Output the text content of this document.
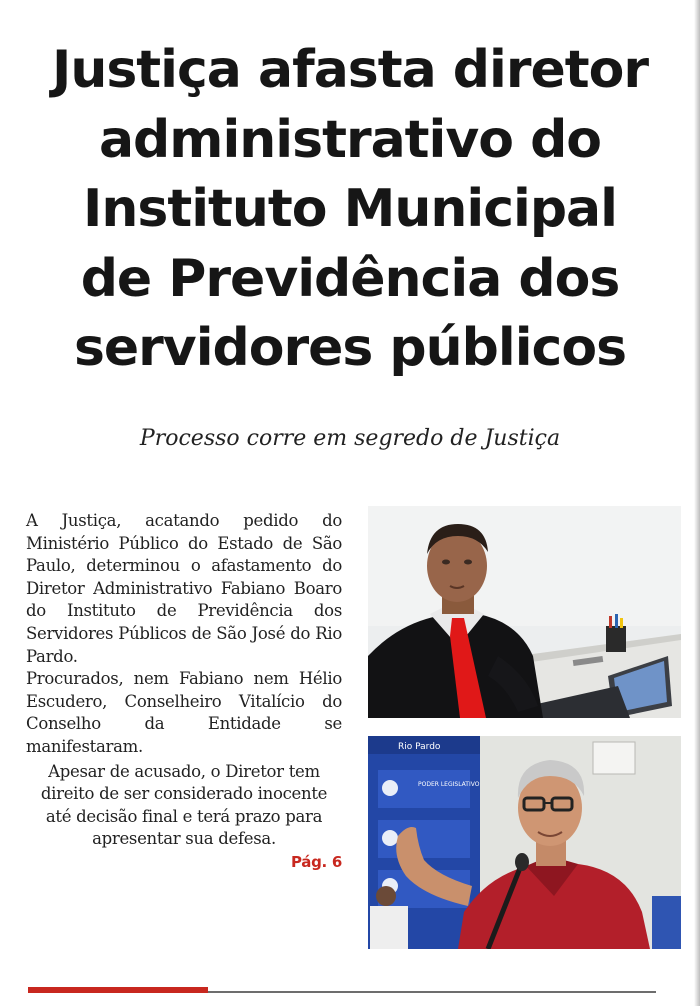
Justiça afasta diretor
administrativo do
Instituto Municipal
de Previdência dos
servidores públicos
Processo corre em segredo de Justiça

A Justiça, acatando pedido do Ministério Público do Estado de São Paulo, determinou o afastamento do Diretor Administrativo Fabiano Boaro do Instituto de Previdência dos Servidores Públicos de São José do Rio Pardo.

Procurados, nem Fabiano nem Hélio Escudero, Conselheiro Vitalício do Conselho da Entidade se manifestaram.

Apesar de acusado, o Diretor tem direito de ser considerado inocente até decisão final e terá prazo para apresentar sua defesa.

Pág. 6
Rio Pardo
PODER LEGISLATIVO
